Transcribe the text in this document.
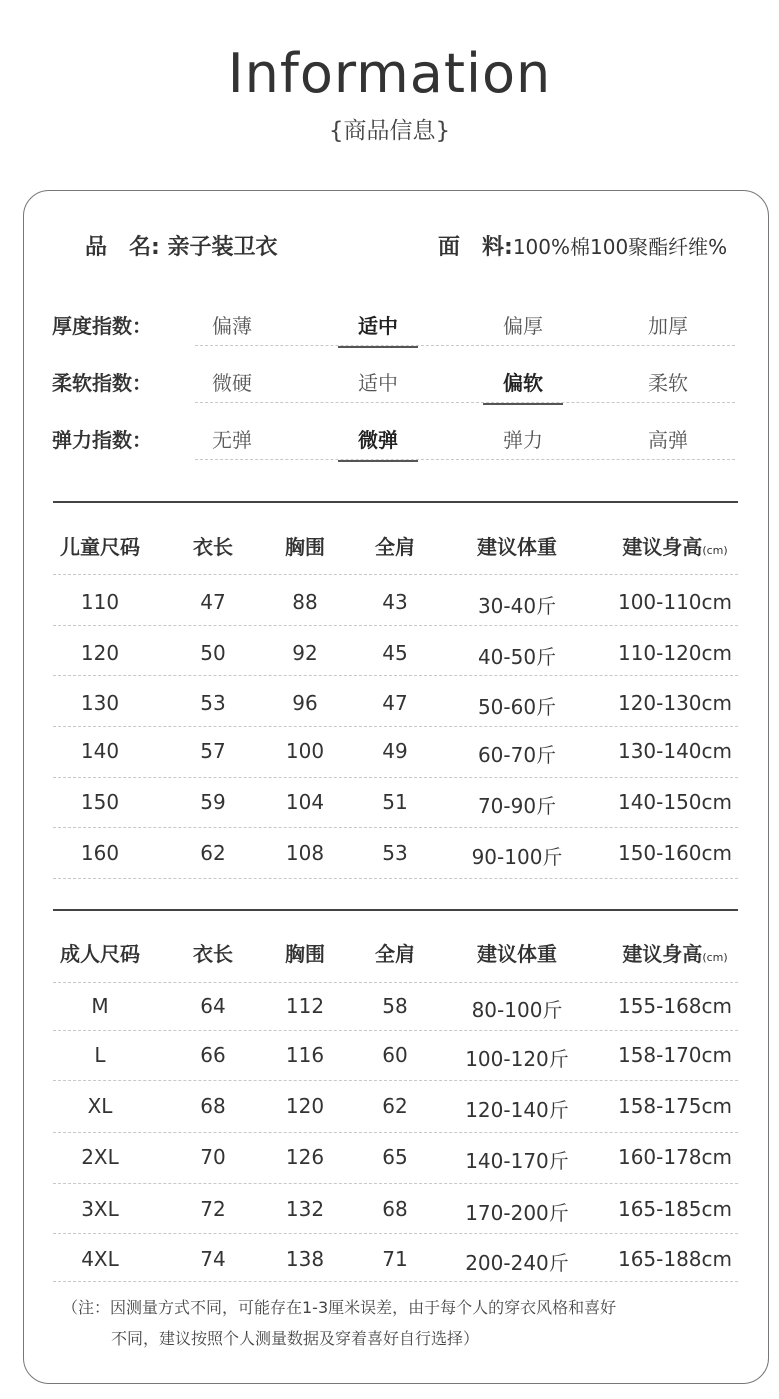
Information
{商品信息}
品　名: 亲子装卫衣	面　料:100%棉100聚酯纤维%
厚度指数：	偏薄	适中	偏厚	加厚
柔软指数：	微硬	适中	偏软	柔软
弹力指数：	无弹	微弹	弹力	高弹
儿童尺码	衣长	胸围	全肩	建议体重	建议身高(cm)
110	47	88	43	30-40斤	100-110cm
120	50	92	45	40-50斤	110-120cm
130	53	96	47	50-60斤	120-130cm
140	57	100	49	60-70斤	130-140cm
150	59	104	51	70-90斤	140-150cm
160	62	108	53	90-100斤	150-160cm
成人尺码	衣长	胸围	全肩	建议体重	建议身高(cm)
M	64	112	58	80-100斤	155-168cm
L	66	116	60	100-120斤	158-170cm
XL	68	120	62	120-140斤	158-175cm
2XL	70	126	65	140-170斤	160-178cm
3XL	72	132	68	170-200斤	165-185cm
4XL	74	138	71	200-240斤	165-188cm
（注：因测量方式不同，可能存在1-3厘米误差，由于每个人的穿衣风格和喜好
不同，建议按照个人测量数据及穿着喜好自行选择）
